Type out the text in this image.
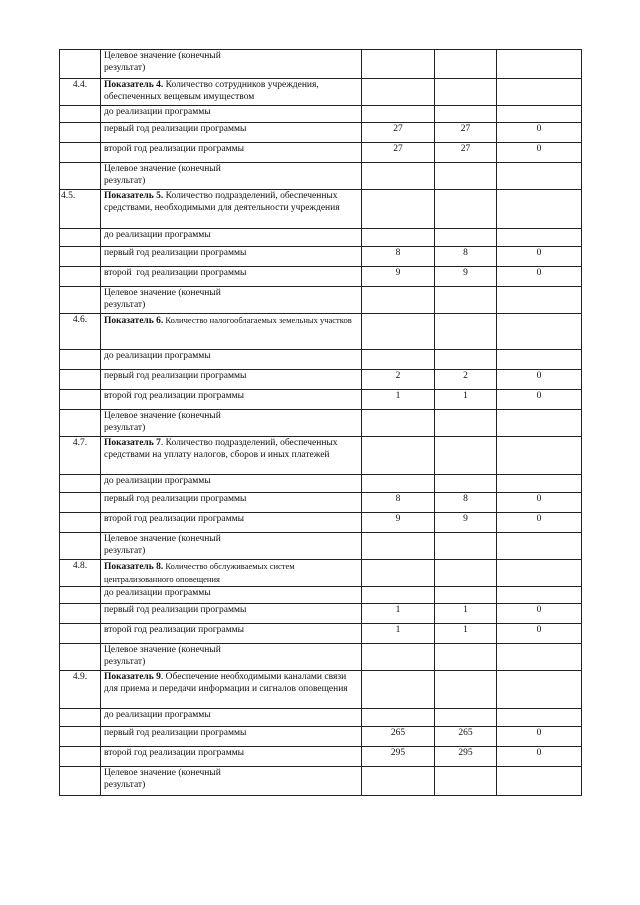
	Целевое значение (конечный результат)			
4.4.	Показатель 4. Количество сотрудников учреждения, обеспеченных вещевым имуществом			
	до реализации программы			
	первый год реализации программы	27	27	0
	второй год реализации программы	27	27	0
	Целевое значение (конечный результат)			
4.5.	Показатель 5. Количество подразделений, обеспеченных средствами, необходимыми для деятельности учреждения			
	до реализации программы			
	первый год реализации программы	8	8	0
	второй  год реализации программы	9	9	0
	Целевое значение (конечный результат)			
4.6.	Показатель 6. Количество налогооблагаемых земельных участков			
	до реализации программы			
	первый год реализации программы	2	2	0
	второй год реализации программы	1	1	0
	Целевое значение (конечный результат)			
4.7.	Показатель 7. Количество подразделений, обеспеченных средствами на уплату налогов, сборов и иных платежей			
	до реализации программы			
	первый год реализации программы	8	8	0
	второй год реализации программы	9	9	0
	Целевое значение (конечный результат)			
4.8.	Показатель 8. Количество обслуживаемых систем централизованного оповещения			
	до реализации программы			
	первый год реализации программы	1	1	0
	второй год реализации программы	1	1	0
	Целевое значение (конечный результат)			
4.9.	Показатель 9. Обеспечение необходимыми каналами связи для приема и передачи информации и сигналов оповещения			
	до реализации программы			
	первый год реализации программы	265	265	0
	второй год реализации программы	295	295	0
	Целевое значение (конечный результат)			
